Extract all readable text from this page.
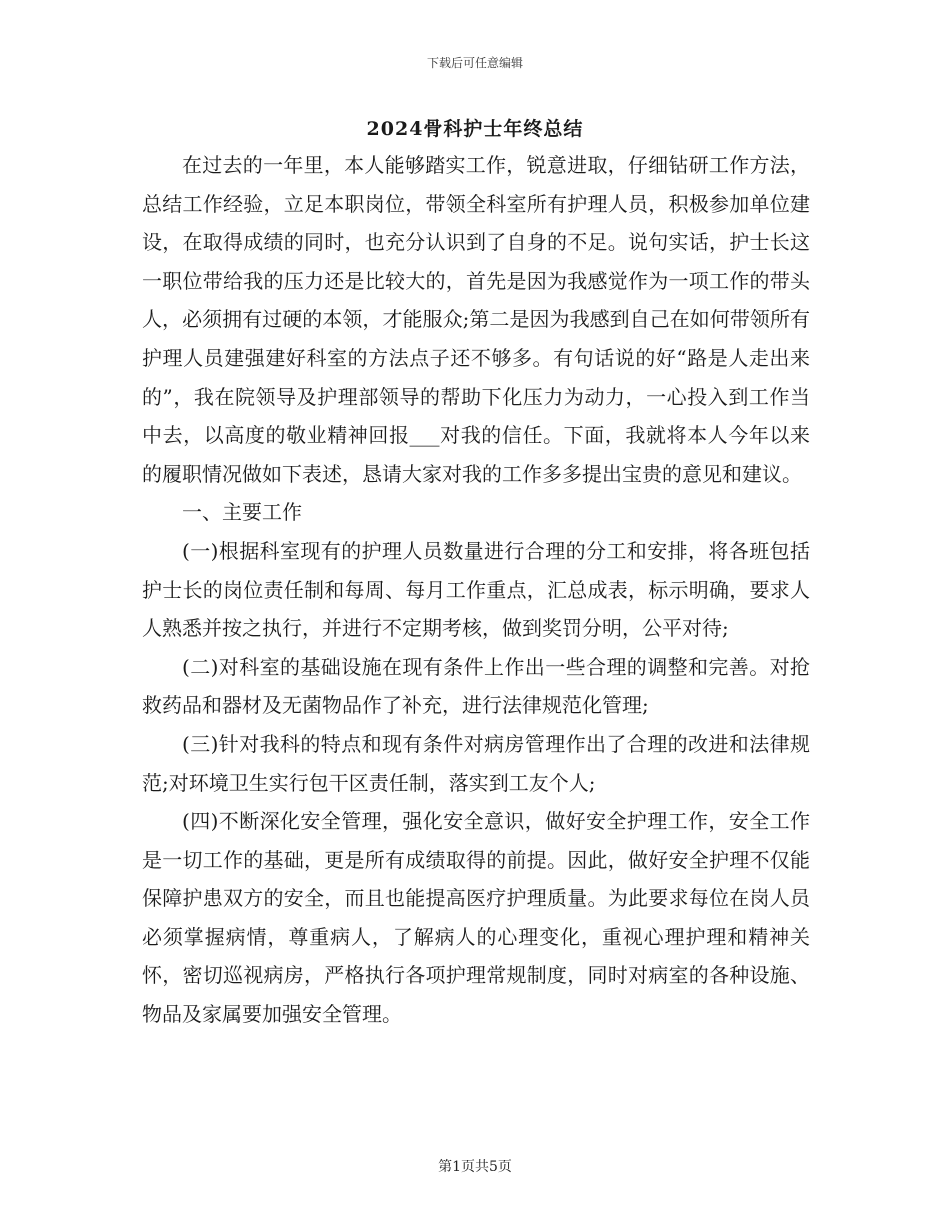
下载后可任意编辑
2024骨科护士年终总结

在过去的一年里，本人能够踏实工作，锐意进取，仔细钻研工作方法，总结工作经验，立足本职岗位，带领全科室所有护理人员，积极参加单位建设，在取得成绩的同时，也充分认识到了自身的不足。说句实话，护士长这一职位带给我的压力还是比较大的，首先是因为我感觉作为一项工作的带头人，必须拥有过硬的本领，才能服众;第二是因为我感到自己在如何带领所有护理人员建强建好科室的方法点子还不够多。有句话说的好“路是人走出来的”，我在院领导及护理部领导的帮助下化压力为动力，一心投入到工作当中去，以高度的敬业精神回报___对我的信任。下面，我就将本人今年以来的履职情况做如下表述，恳请大家对我的工作多多提出宝贵的意见和建议。

一、主要工作

(一)根据科室现有的护理人员数量进行合理的分工和安排，将各班包括护士长的岗位责任制和每周、每月工作重点，汇总成表，标示明确，要求人人熟悉并按之执行，并进行不定期考核，做到奖罚分明，公平对待;

(二)对科室的基础设施在现有条件上作出一些合理的调整和完善。对抢救药品和器材及无菌物品作了补充，进行法律规范化管理;

(三)针对我科的特点和现有条件对病房管理作出了合理的改进和法律规范;对环境卫生实行包干区责任制，落实到工友个人;

(四)不断深化安全管理，强化安全意识，做好安全护理工作，安全工作是一切工作的基础，更是所有成绩取得的前提。因此，做好安全护理不仅能保障护患双方的安全，而且也能提高医疗护理质量。为此要求每位在岗人员必须掌握病情，尊重病人，了解病人的心理变化，重视心理护理和精神关怀，密切巡视病房，严格执行各项护理常规制度，同时对病室的各种设施、物品及家属要加强安全管理。

第1页共5页
